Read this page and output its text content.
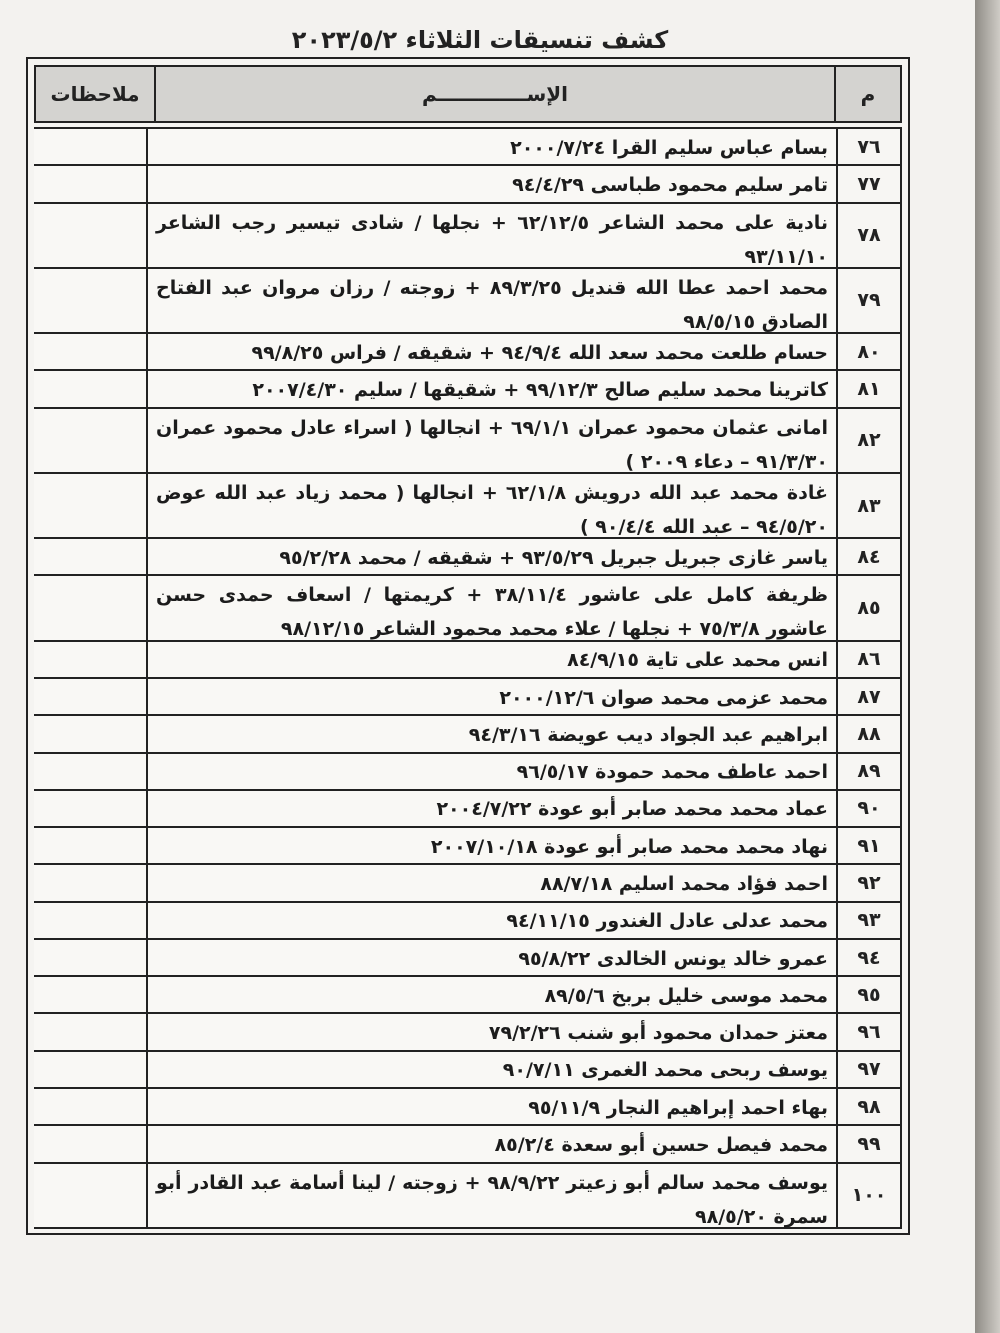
كشف تنسيقات الثلاثاء ٢٠٢٣/٥/٢
م
الإســـــــــــــم
ملاحظات
٧٦
بسام عباس سليم القرا ٢٠٠٠/٧/٢٤
٧٧
تامر سليم محمود طباسى ٩٤/٤/٢٩
٧٨
نادية على محمد الشاعر ٦٢/١٢/٥ + نجلها / شادى تيسير رجب الشاعر ٩٣/١١/١٠
٧٩
محمد احمد عطا الله قنديل ٨٩/٣/٢٥ + زوجته / رزان مروان عبد الفتاح الصادق ٩٨/٥/١٥
٨٠
حسام طلعت محمد سعد الله ٩٤/٩/٤ + شقيقه / فراس ٩٩/٨/٢٥
٨١
كاترينا محمد سليم صالح ٩٩/١٢/٣ + شقيقها / سليم ٢٠٠٧/٤/٣٠
٨٢
امانى عثمان محمود عمران ٦٩/١/١ + انجالها ( اسراء عادل محمود عمران ٩١/٣/٣٠ – دعاء ٢٠٠٩ )
٨٣
غادة محمد عبد الله درويش ٦٢/١/٨ + انجالها ( محمد زياد عبد الله عوض ٩٤/٥/٢٠ – عبد الله ٩٠/٤/٤ )
٨٤
ياسر غازى جبريل جبريل ٩٣/٥/٢٩ + شقيقه / محمد ٩٥/٢/٢٨
٨٥
ظريفة كامل على عاشور ٣٨/١١/٤ + كريمتها / اسعاف حمدى حسن عاشور ٧٥/٣/٨ + نجلها / علاء محمد محمود الشاعر ٩٨/١٢/١٥
٨٦
انس محمد على تاية ٨٤/٩/١٥
٨٧
محمد عزمى محمد صوان ٢٠٠٠/١٢/٦
٨٨
ابراهيم عبد الجواد ديب عويضة ٩٤/٣/١٦
٨٩
احمد عاطف محمد حمودة ٩٦/٥/١٧
٩٠
عماد محمد محمد صابر أبو عودة ٢٠٠٤/٧/٢٢
٩١
نهاد محمد محمد صابر أبو عودة ٢٠٠٧/١٠/١٨
٩٢
احمد فؤاد محمد اسليم ٨٨/٧/١٨
٩٣
محمد عدلى عادل الغندور ٩٤/١١/١٥
٩٤
عمرو خالد يونس الخالدى ٩٥/٨/٢٢
٩٥
محمد موسى خليل بربخ ٨٩/٥/٦
٩٦
معتز حمدان محمود أبو شنب ٧٩/٢/٢٦
٩٧
يوسف ربحى محمد الغمرى ٩٠/٧/١١
٩٨
بهاء احمد إبراهيم النجار ٩٥/١١/٩
٩٩
محمد فيصل حسين أبو سعدة ٨٥/٢/٤
١٠٠
يوسف محمد سالم أبو زعيتر ٩٨/٩/٢٢ + زوجته / لينا أسامة عبد القادر أبو سمرة ٩٨/٥/٢٠
